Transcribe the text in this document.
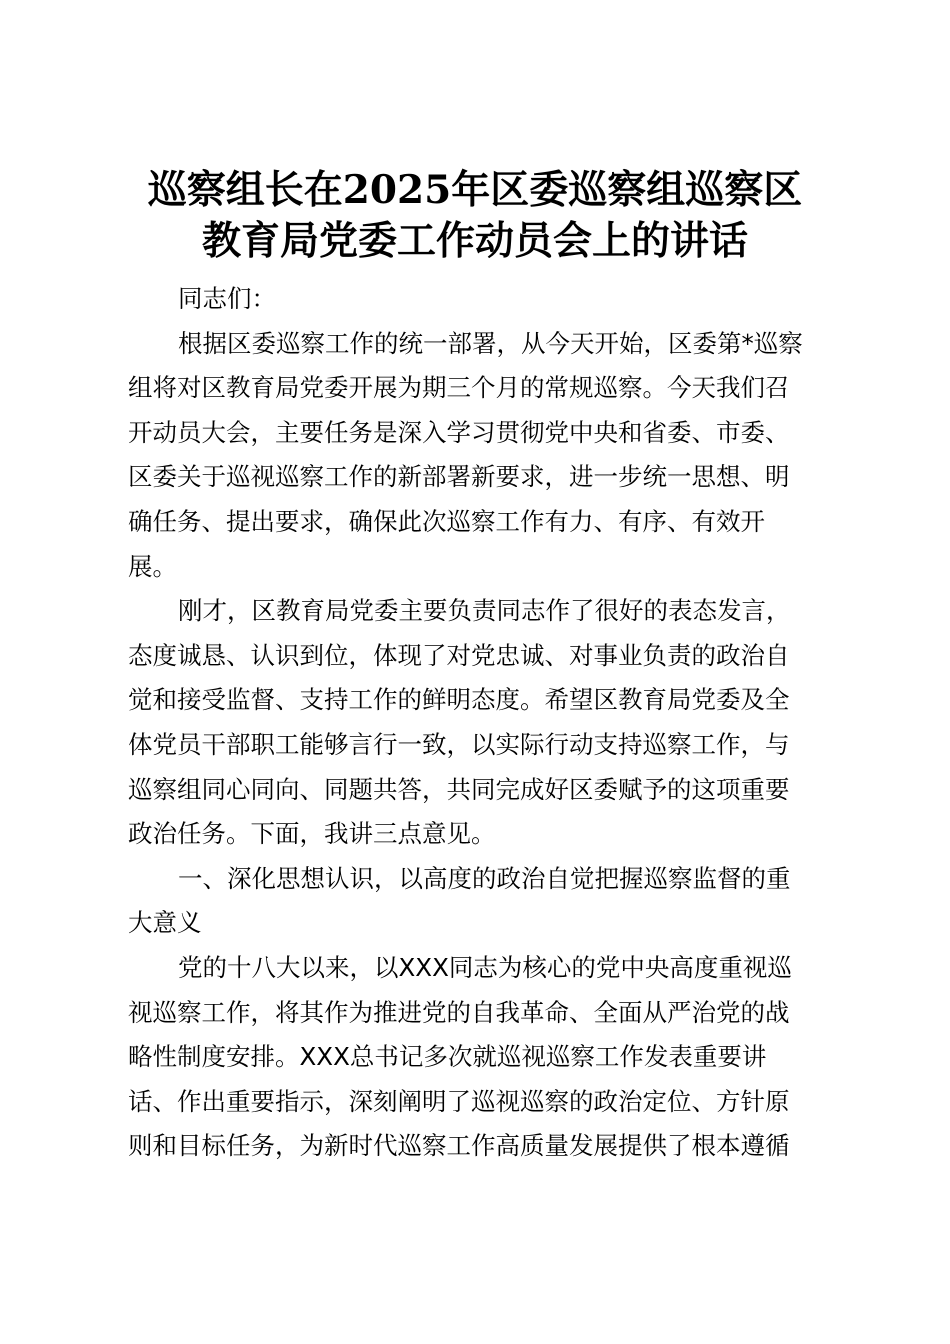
巡察组长在2025年区委巡察组巡察区
教育局党委工作动员会上的讲话
同志们：
根据区委巡察工作的统一部署，从今天开始，区委第*巡察
组将对区教育局党委开展为期三个月的常规巡察。今天我们召
开动员大会，主要任务是深入学习贯彻党中央和省委、市委、
区委关于巡视巡察工作的新部署新要求，进一步统一思想、明
确任务、提出要求，确保此次巡察工作有力、有序、有效开
展。
刚才，区教育局党委主要负责同志作了很好的表态发言，
态度诚恳、认识到位，体现了对党忠诚、对事业负责的政治自
觉和接受监督、支持工作的鲜明态度。希望区教育局党委及全
体党员干部职工能够言行一致，以实际行动支持巡察工作，与
巡察组同心同向、同题共答，共同完成好区委赋予的这项重要
政治任务。下面，我讲三点意见。
一、深化思想认识，以高度的政治自觉把握巡察监督的重
大意义
党的十八大以来，以XXX同志为核心的党中央高度重视巡
视巡察工作，将其作为推进党的自我革命、全面从严治党的战
略性制度安排。XXX总书记多次就巡视巡察工作发表重要讲
话、作出重要指示，深刻阐明了巡视巡察的政治定位、方针原
则和目标任务，为新时代巡察工作高质量发展提供了根本遵循
